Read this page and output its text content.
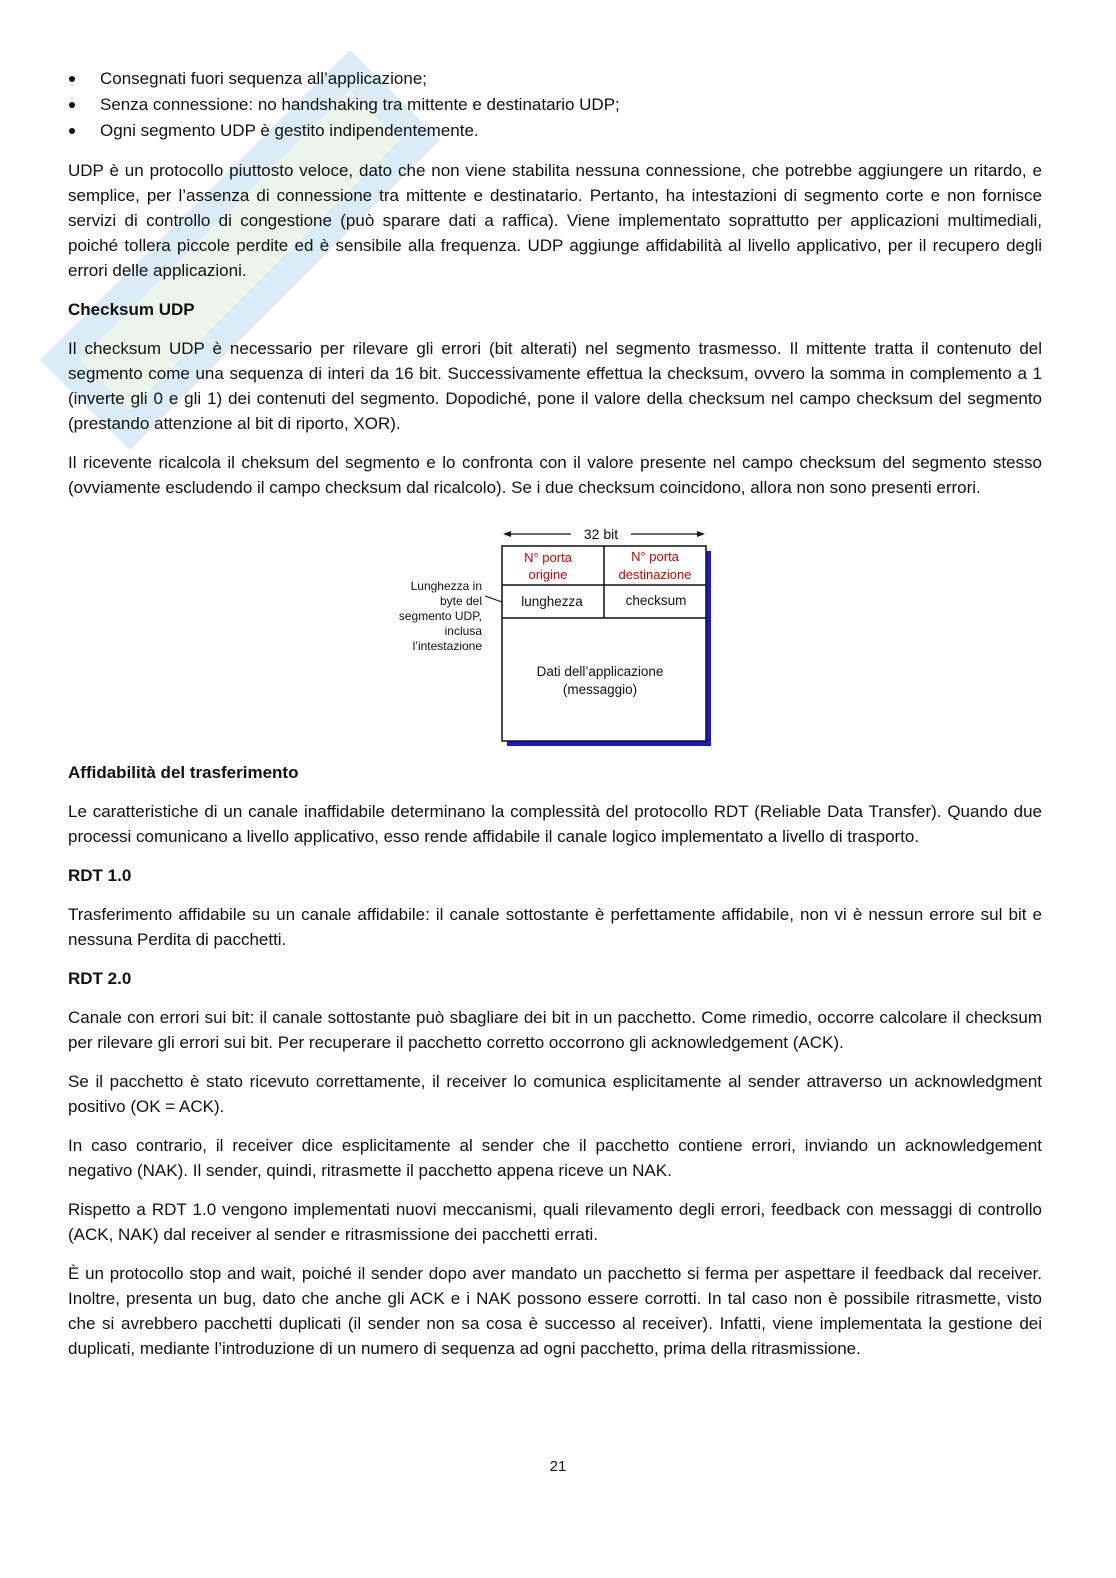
Consegnati fuori sequenza all’applicazione;
Senza connessione: no handshaking tra mittente e destinatario UDP;
Ogni segmento UDP è gestito indipendentemente.

UDP è un protocollo piuttosto veloce, dato che non viene stabilita nessuna connessione, che potrebbe aggiungere un ritardo, e semplice, per l’assenza di connessione tra mittente e destinatario. Pertanto, ha intestazioni di segmento corte e non fornisce servizi di controllo di congestione (può sparare dati a raffica). Viene implementato soprattutto per applicazioni multimediali, poiché tollera piccole perdite ed è sensibile alla frequenza. UDP aggiunge affidabilità al livello applicativo, per il recupero degli errori delle applicazioni.

Checksum UDP

Il checksum UDP è necessario per rilevare gli errori (bit alterati) nel segmento trasmesso. Il mittente tratta il contenuto del segmento come una sequenza di interi da 16 bit. Successivamente effettua la checksum, ovvero la somma in complemento a 1 (inverte gli 0 e gli 1) dei contenuti del segmento. Dopodiché, pone il valore della checksum nel campo checksum del segmento (prestando attenzione al bit di riporto, XOR).

Il ricevente ricalcola il cheksum del segmento e lo confronta con il valore presente nel campo checksum del segmento stesso (ovviamente escludendo il campo checksum dal ricalcolo). Se i due checksum coincidono, allora non sono presenti errori.

32 bit
N° porta
origine
N° porta
destinazione
lunghezza	checksum
Dati dell’applicazione
(messaggio)
Lunghezza in
byte del
segmento UDP,
inclusa
l’intestazione
Affidabilità del trasferimento

Le caratteristiche di un canale inaffidabile determinano la complessità del protocollo RDT (Reliable Data Transfer). Quando due processi comunicano a livello applicativo, esso rende affidabile il canale logico implementato a livello di trasporto.

RDT 1.0

Trasferimento affidabile su un canale affidabile: il canale sottostante è perfettamente affidabile, non vi è nessun errore sul bit e nessuna Perdita di pacchetti.

RDT 2.0

Canale con errori sui bit: il canale sottostante può sbagliare dei bit in un pacchetto. Come rimedio, occorre calcolare il checksum per rilevare gli errori sui bit. Per recuperare il pacchetto corretto occorrono gli acknowledgement (ACK).

Se il pacchetto è stato ricevuto correttamente, il receiver lo comunica esplicitamente al sender attraverso un acknowledgment positivo (OK = ACK).

In caso contrario, il receiver dice esplicitamente al sender che il pacchetto contiene errori, inviando un acknowledgement negativo (NAK). Il sender, quindi, ritrasmette il pacchetto appena riceve un NAK.

Rispetto a RDT 1.0 vengono implementati nuovi meccanismi, quali rilevamento degli errori, feedback con messaggi di controllo (ACK, NAK) dal receiver al sender e ritrasmissione dei pacchetti errati.

È un protocollo stop and wait, poiché il sender dopo aver mandato un pacchetto si ferma per aspettare il feedback dal receiver. Inoltre, presenta un bug, dato che anche gli ACK e i NAK possono essere corrotti. In tal caso non è possibile ritrasmette, visto che si avrebbero pacchetti duplicati (il sender non sa cosa è successo al receiver). Infatti, viene implementata la gestione dei duplicati, mediante l’introduzione di un numero di sequenza ad ogni pacchetto, prima della ritrasmissione.

21
